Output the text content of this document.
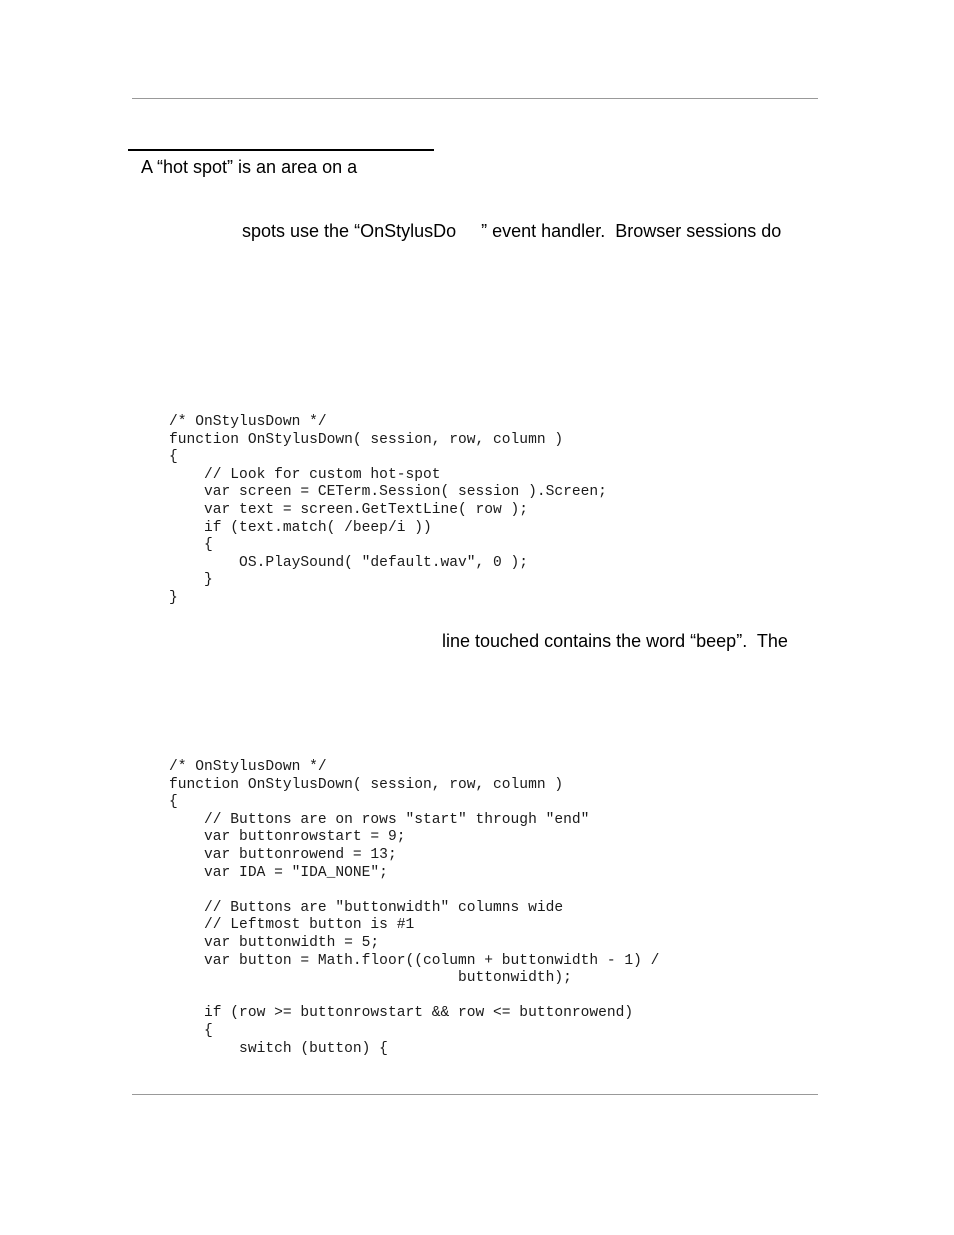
A “hot spot” is an area on a
spots use the “OnStylusDo     ” event handler.  Browser sessions do
/* OnStylusDown */
function OnStylusDown( session, row, column )
{
// Look for custom hot-spot
var screen = CETerm.Session( session ).Screen;
var text = screen.GetTextLine( row );
if (text.match( /beep/i ))
{
OS.PlaySound( "default.wav", 0 );
}
}
line touched contains the word “beep”.  The
/* OnStylusDown */
function OnStylusDown( session, row, column )
{
// Buttons are on rows "start" through "end"
var buttonrowstart = 9;
var buttonrowend = 13;
var IDA = "IDA_NONE";

// Buttons are "buttonwidth" columns wide
// Leftmost button is #1
var buttonwidth = 5;
var button = Math.floor((column + buttonwidth - 1) /
buttonwidth);

if (row >= buttonrowstart && row <= buttonrowend)
{
switch (button) {
